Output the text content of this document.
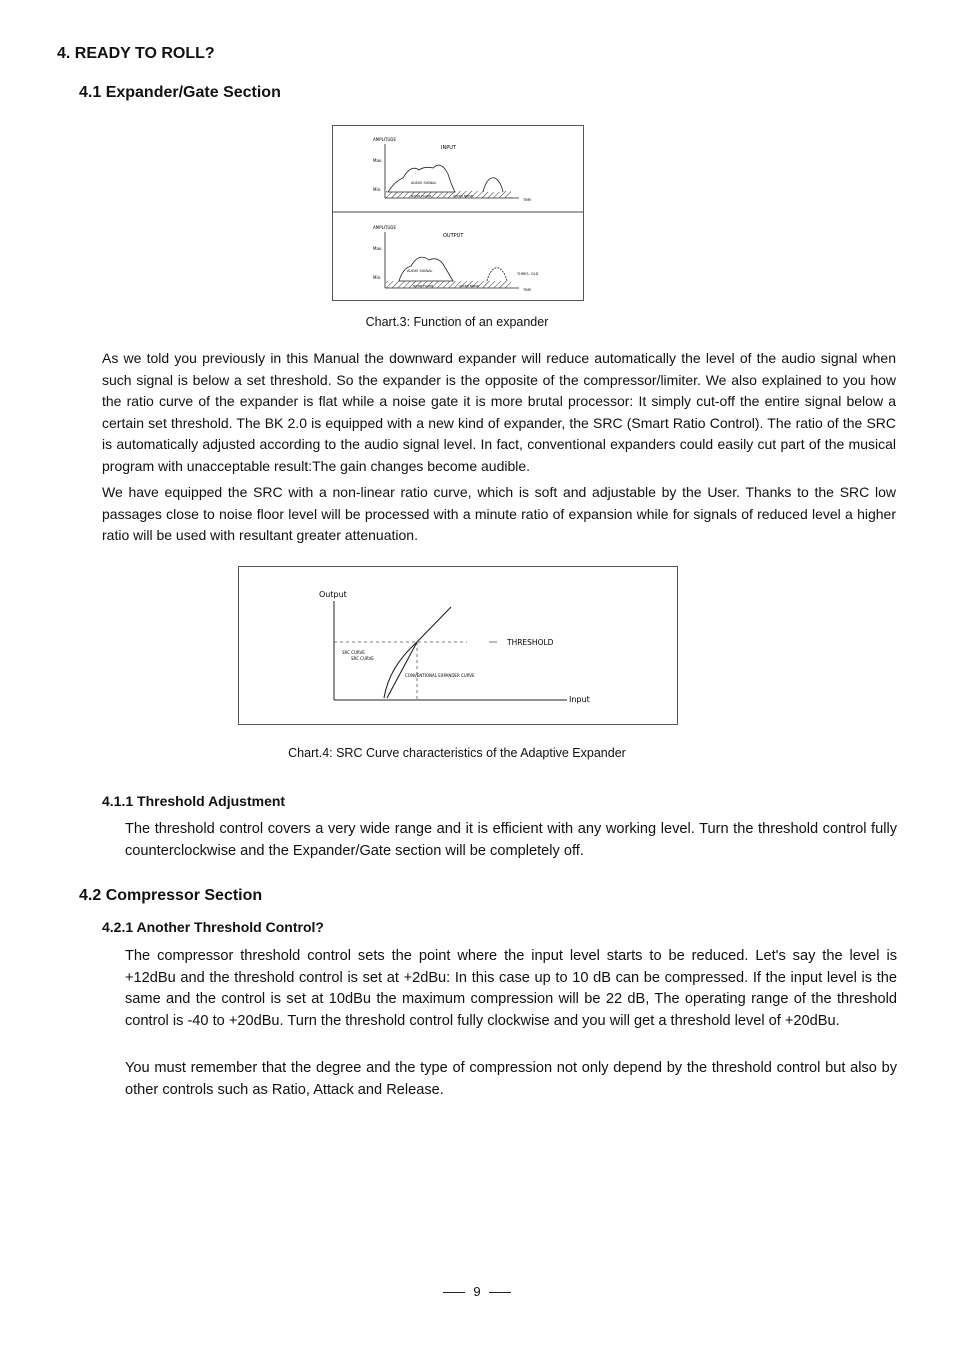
4. READY TO ROLL?
4.1 Expander/Gate Section
AMPLITUDE
INPUT
Max.
Min.
AUDIO SIGNAL
NOISE FLOOR	AUDIO NOISE
TIME
AMPLITUDE
OUTPUT
Max.
Min.
AUDIO SIGNAL
THRES. OLD
NOISE FLOOR	AUDIO NOISE
TIME
Chart.3: Function of an expander

As we told you previously in this Manual the downward expander will reduce automatically the level of the audio signal when such signal is below a set threshold. So the expander is the opposite of the compressor/limiter. We also explained to you how the ratio curve of the expander is flat while a noise gate it is more brutal processor: It simply cut-off the entire signal below a certain set threshold. The BK 2.0 is equipped with a new kind of expander, the SRC (Smart Ratio Control). The ratio of the SRC is automatically adjusted according to the audio signal level. In fact, conventional expanders could easily cut part of the musical program with unacceptable result:The gain changes become audible.

We have equipped the SRC with a non-linear ratio curve, which is soft and adjustable by the User. Thanks to the SRC low passages close to noise floor level will be processed with a minute ratio of expansion while for signals of reduced level a higher ratio will be used with resultant greater attenuation.

Output
Input
THRESHOLD
SRC CURVE
SRC CURVE
CONVENTIONAL EXPANDER CURVE
Chart.4: SRC Curve characteristics of the Adaptive Expander
4.1.1 Threshold Adjustment

The threshold control covers a very wide range and it is efficient with any working level. Turn the threshold control fully counterclockwise and the Expander/Gate section will be completely off.

4.2 Compressor Section
4.2.1 Another Threshold Control?

The compressor threshold control sets the point where the input level starts to be reduced. Let's say the level is +12dBu and the threshold control is set at +2dBu: In this case up to 10 dB can be compressed. If the input level is the same and the control is set at 10dBu the maximum compression will be 22 dB, The operating range of the threshold control is -40 to +20dBu. Turn the threshold control fully clockwise and you will get a threshold level of +20dBu.

You must remember that the degree and the type of compression not only depend by the threshold control but also by other controls such as Ratio, Attack and Release.

9
